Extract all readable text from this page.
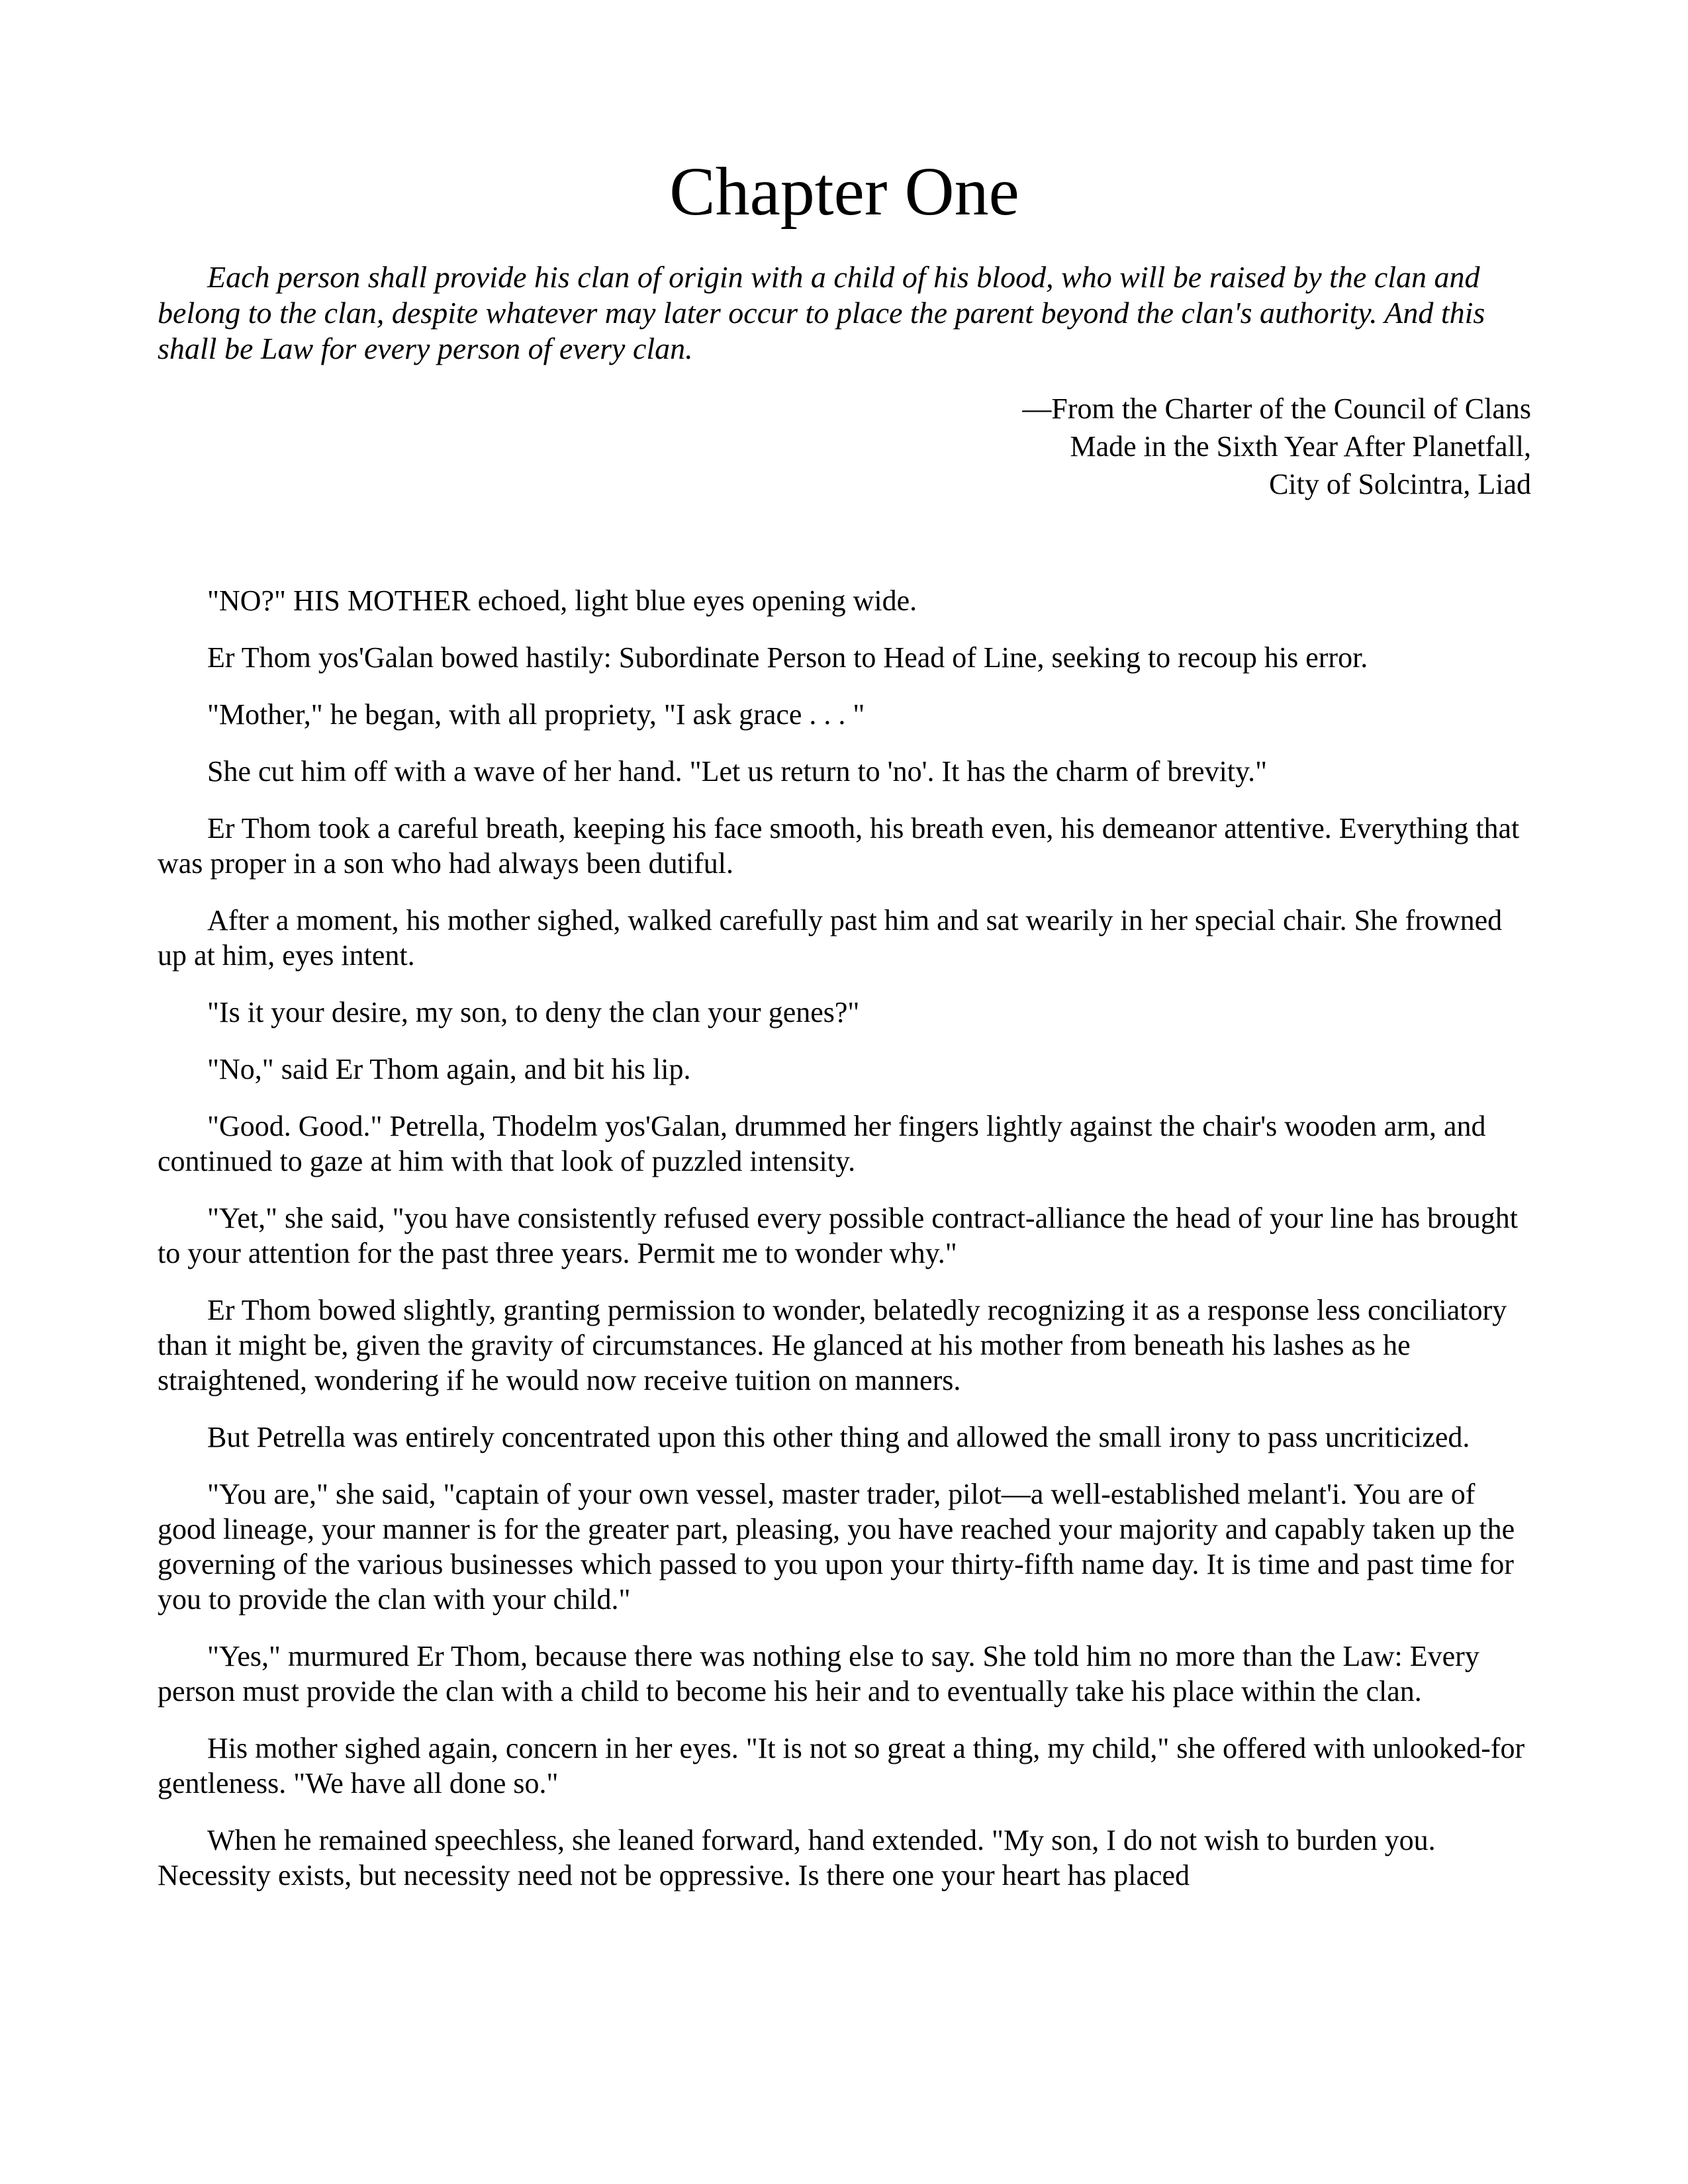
Chapter One

Each person shall provide his clan of origin with a child of his blood, who will be raised by the clan and belong to the clan, despite whatever may later occur to place the parent beyond the clan's authority. And this shall be Law for every person of every clan.

—From the Charter of the Council of Clans
Made in the Sixth Year After Planetfall,
City of Solcintra, Liad

"NO?" HIS MOTHER echoed, light blue eyes opening wide.

Er Thom yos'Galan bowed hastily: Subordinate Person to Head of Line, seeking to recoup his error.

"Mother," he began, with all propriety, "I ask grace . . . "

She cut him off with a wave of her hand. "Let us return to 'no'. It has the charm of brevity."

Er Thom took a careful breath, keeping his face smooth, his breath even, his demeanor attentive. Everything that was proper in a son who had always been dutiful.

After a moment, his mother sighed, walked carefully past him and sat wearily in her special chair. She frowned up at him, eyes intent.

"Is it your desire, my son, to deny the clan your genes?"

"No," said Er Thom again, and bit his lip.

"Good. Good." Petrella, Thodelm yos'Galan, drummed her fingers lightly against the chair's wooden arm, and continued to gaze at him with that look of puzzled intensity.

"Yet," she said, "you have consistently refused every possible contract-alliance the head of your line has brought to your attention for the past three years. Permit me to wonder why."

Er Thom bowed slightly, granting permission to wonder, belatedly recognizing it as a response less conciliatory than it might be, given the gravity of circumstances. He glanced at his mother from beneath his lashes as he straightened, wondering if he would now receive tuition on manners.

But Petrella was entirely concentrated upon this other thing and allowed the small irony to pass uncriticized.

"You are," she said, "captain of your own vessel, master trader, pilot—a well-established melant'i. You are of good lineage, your manner is for the greater part, pleasing, you have reached your majority and capably taken up the governing of the various businesses which passed to you upon your thirty-fifth name day. It is time and past time for you to provide the clan with your child."

"Yes," murmured Er Thom, because there was nothing else to say. She told him no more than the Law: Every person must provide the clan with a child to become his heir and to eventually take his place within the clan.

His mother sighed again, concern in her eyes. "It is not so great a thing, my child," she offered with unlooked-for gentleness. "We have all done so."

When he remained speechless, she leaned forward, hand extended. "My son, I do not wish to burden you. Necessity exists, but necessity need not be oppressive. Is there one your heart has placed
